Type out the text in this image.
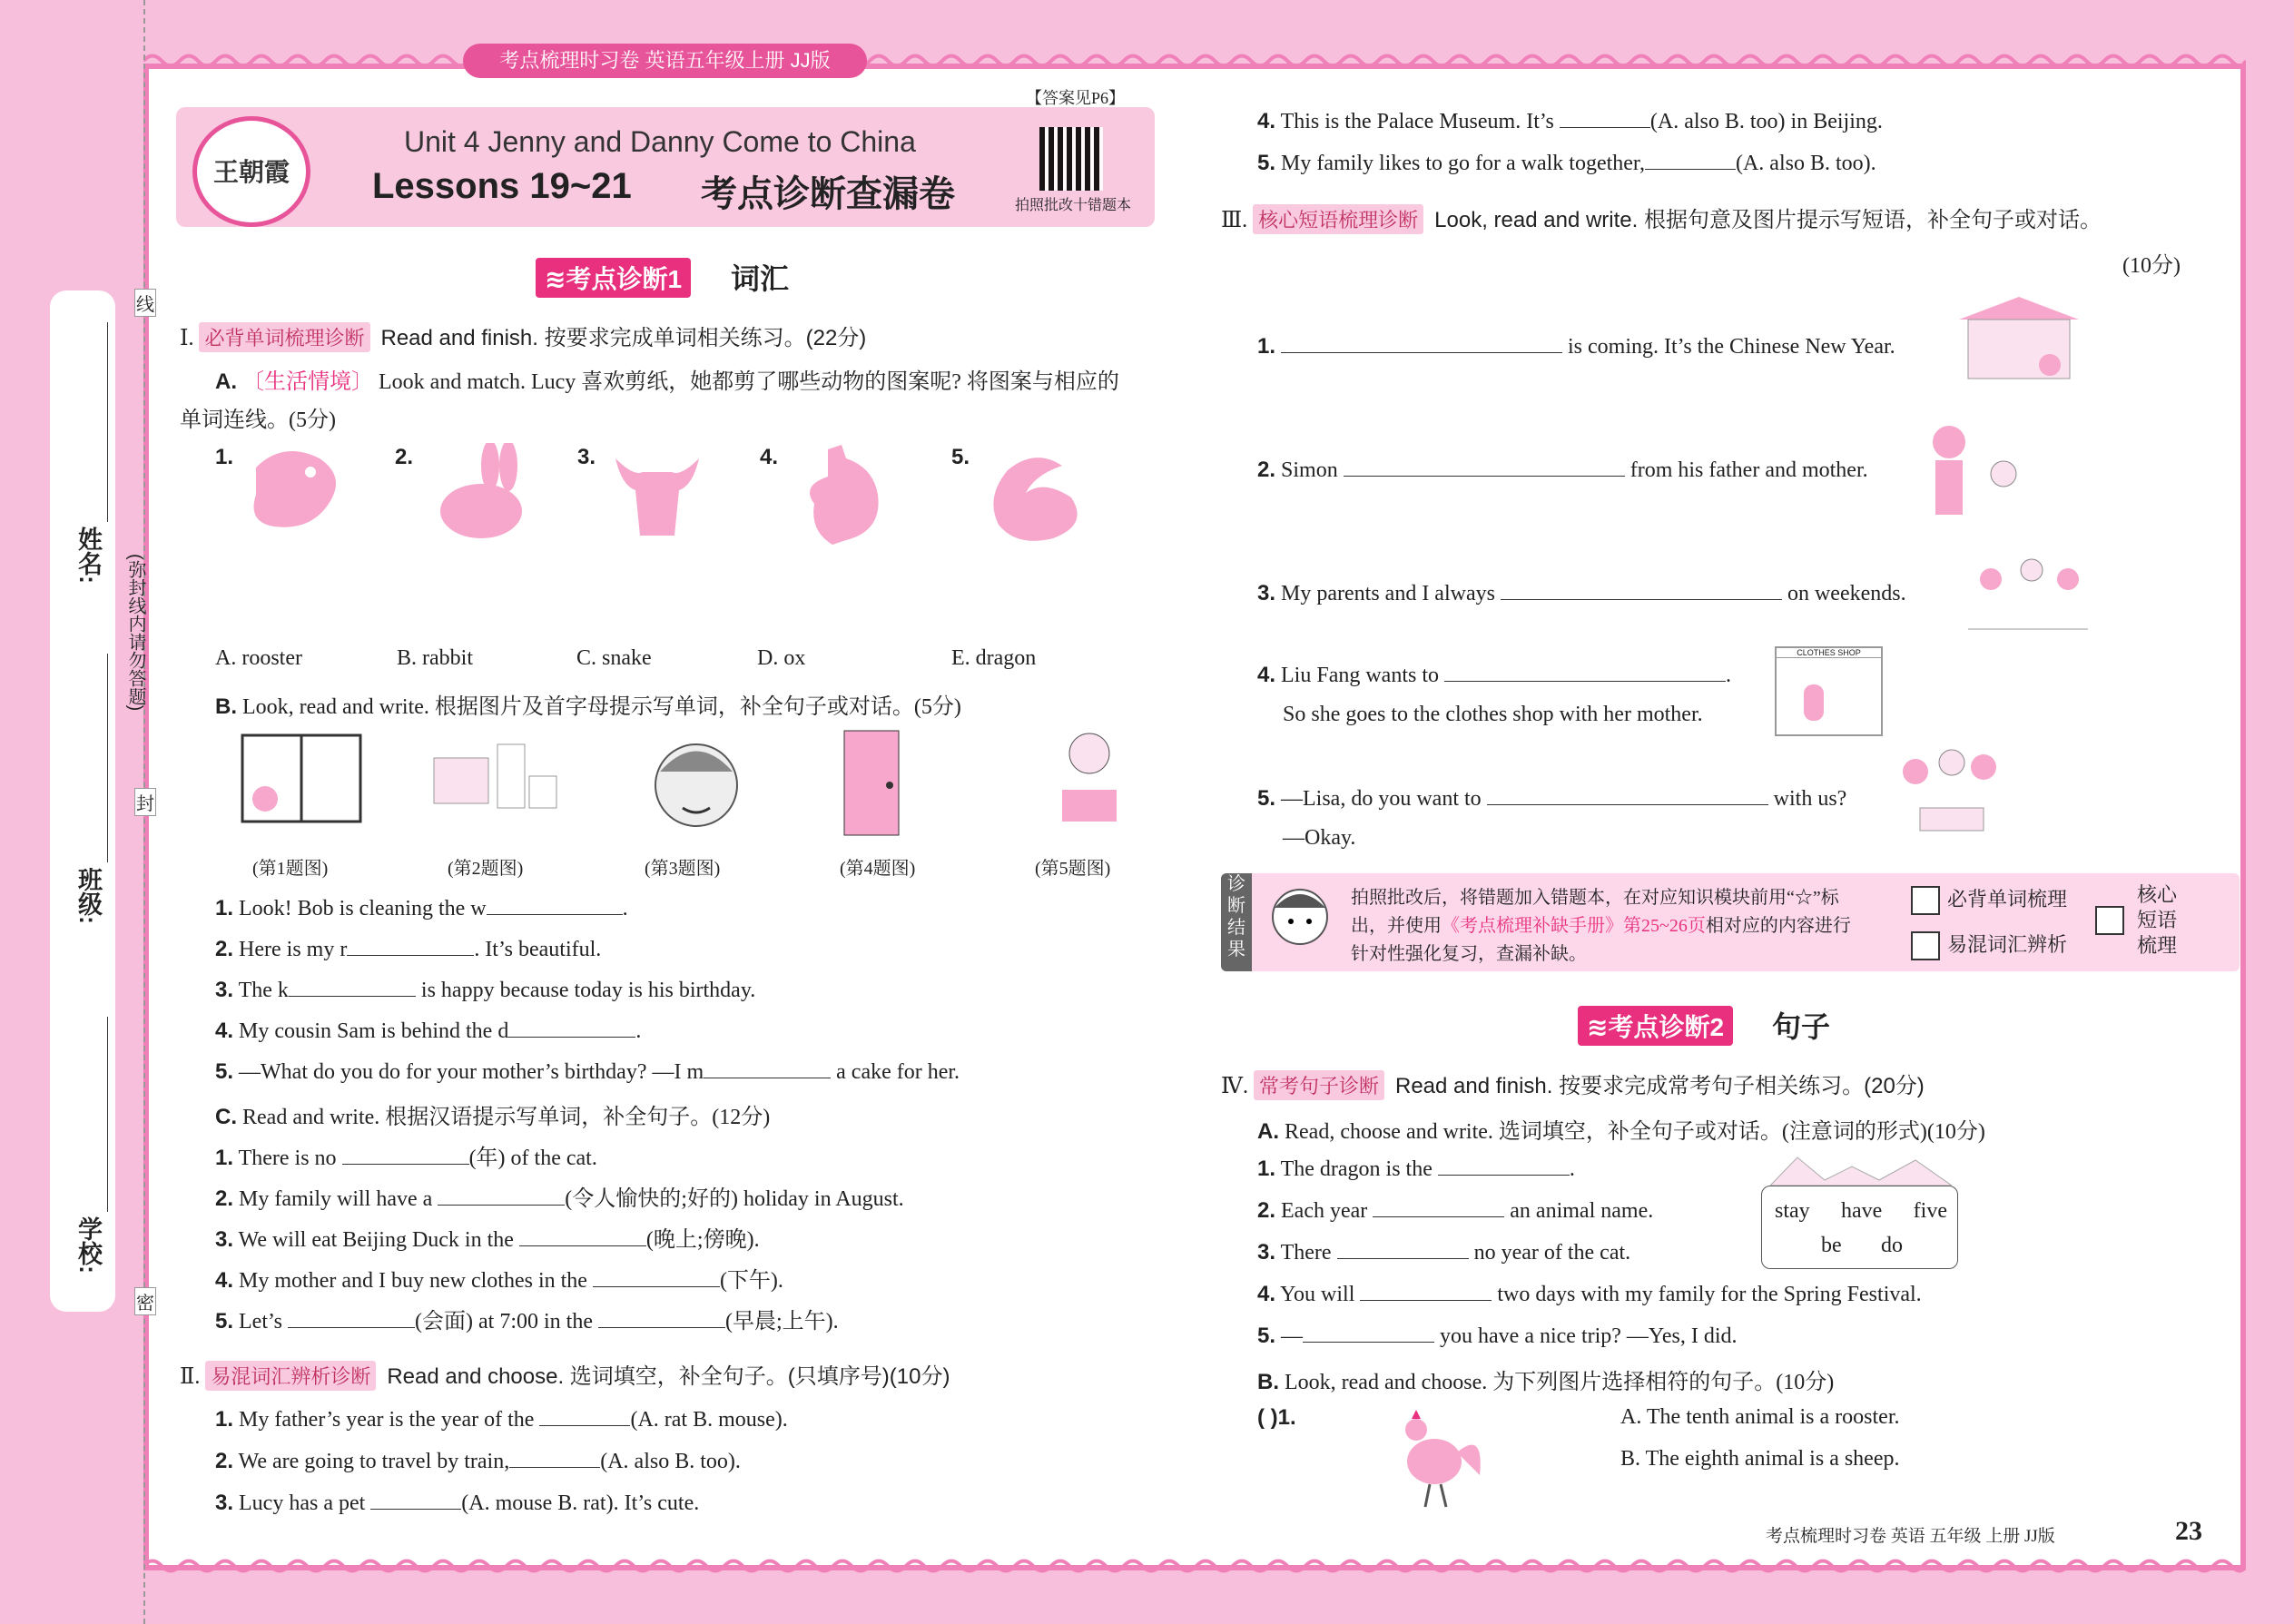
姓名:
班级:
学校:
(弥封线内请勿答题)
线
封
密
考点梳理时习卷 英语五年级上册 JJ版
【答案见P6】
王朝霞
Unit 4 Jenny and Danny Come to China
Lessons 19~21 考点诊断查漏卷	拍照批改十错题本
≋考点诊断1	词汇
Ⅰ. 必背单词梳理诊断 Read and finish. 按要求完成单词相关练习。(22分)
A. 〔生活情境〕 Look and match. Lucy 喜欢剪纸，她都剪了哪些动物的图案呢? 将图案与相应的
单词连线。(5分)
1.	2.	3.	4.	5.
A. rooster	B. rabbit	C. snake	D. ox	E. dragon
B. Look, read and write. 根据图片及首字母提示写单词，补全句子或对话。(5分)
(第1题图)	(第2题图)	(第3题图)	(第4题图)	(第5题图)
1. Look! Bob is cleaning the w	.
2. Here is my r	. It’s beautiful.
3. The k	is happy because today is his birthday.
4. My cousin Sam is behind the d	.
5. —What do you do for your mother’s birthday? —I m	a cake for her.
C. Read and write. 根据汉语提示写单词，补全句子。(12分)
1. There is no	(年) of the cat.
2. My family will have a	(令人愉快的;好的) holiday in August.
3. We will eat Beijing Duck in the	(晚上;傍晚).
4. My mother and I buy new clothes in the	(下午).
5. Let’s	(会面) at 7:00 in the	(早晨;上午).
Ⅱ. 易混词汇辨析诊断 Read and choose. 选词填空，补全句子。(只填序号)(10分)
1. My father’s year is the year of the	(A. rat B. mouse).
2. We are going to travel by train,	(A. also B. too).
3. Lucy has a pet	(A. mouse B. rat). It’s cute.
4. This is the Palace Museum. It’s	(A. also B. too) in Beijing.
5. My family likes to go for a walk together,	(A. also B. too).
Ⅲ. 核心短语梳理诊断 Look, read and write. 根据句意及图片提示写短语，补全句子或对话。
(10分)
1.	is coming. It’s the Chinese New Year.
2. Simon	from his father and mother.
3. My parents and I always	on weekends.
4. Liu Fang wants to	.
So she goes to the clothes shop with her mother.
CLOTHES SHOP
5. —Lisa, do you want to	with us?
—Okay.
诊断结果
拍照批改后，将错题加入错题本，在对应知识模块前用“☆”标
出，并使用《考点梳理补缺手册》第25~26页相对应的内容进行
针对性强化复习，查漏补缺。
必背单词梳理
易混词汇辨析
核心短语梳理
≋考点诊断2	句子
Ⅳ. 常考句子诊断 Read and finish. 按要求完成常考句子相关练习。(20分)
A. Read, choose and write. 选词填空，补全句子或对话。(注意词的形式)(10分)
1. The dragon is the	.
2. Each year	an animal name.
3. There	no year of the cat.
4. You will	two days with my family for the Spring Festival.
5. —	you have a nice trip? —Yes, I did.
stay have five
be do
B. Look, read and choose. 为下列图片选择相符的句子。(10分)
( )1.	A. The tenth animal is a rooster.
B. The eighth animal is a sheep.
考点梳理时习卷 英语 五年级 上册 JJ版	23
